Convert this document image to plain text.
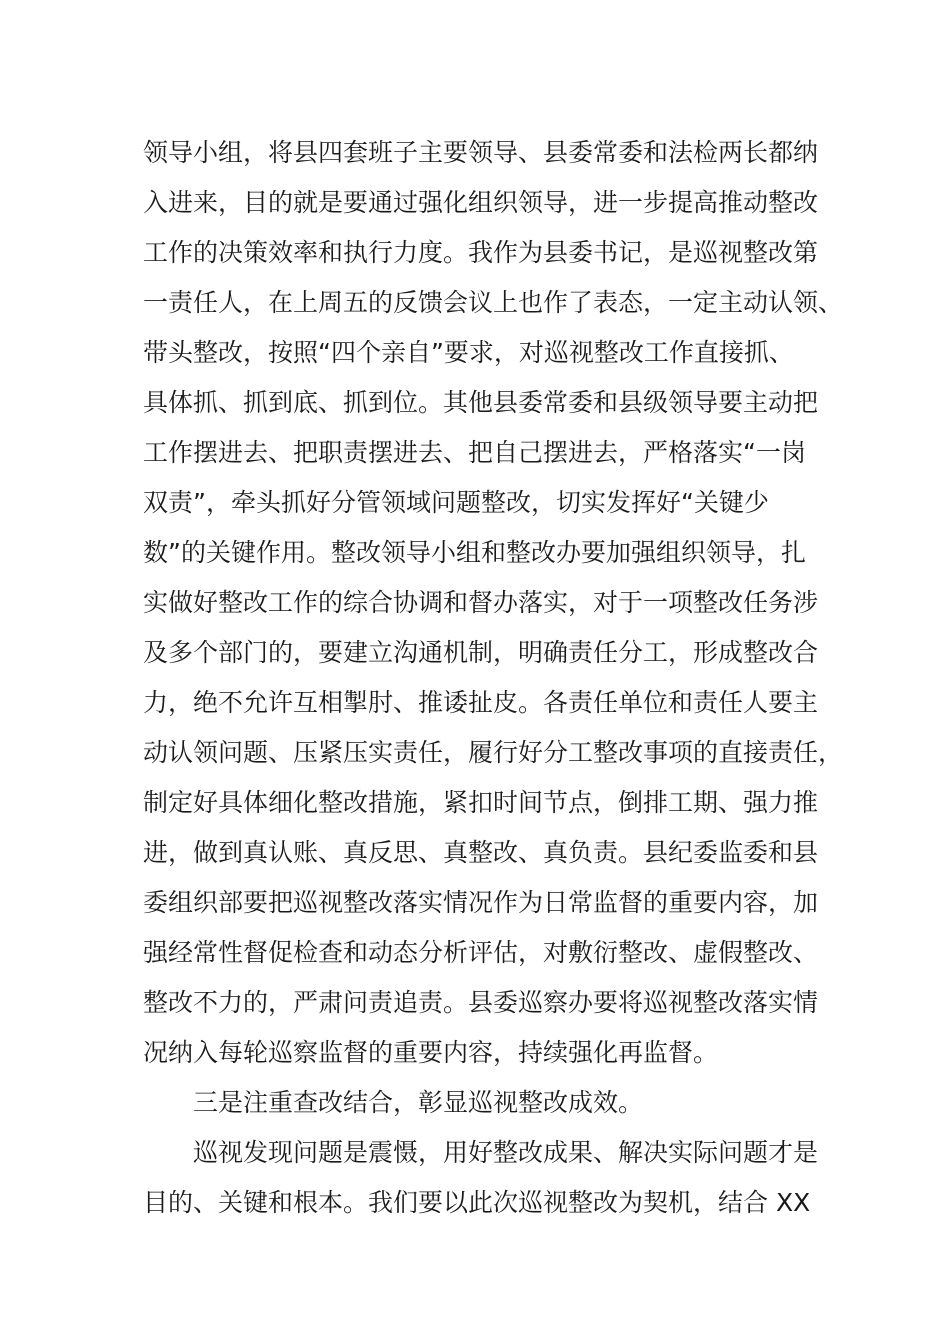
领导小组，将县四套班子主要领导、县委常委和法检两长都纳
入进来，目的就是要通过强化组织领导，进一步提高推动整改
工作的决策效率和执行力度。我作为县委书记，是巡视整改第
一责任人，在上周五的反馈会议上也作了表态，一定主动认领、
带头整改，按照“四个亲自”要求，对巡视整改工作直接抓、
具体抓、抓到底、抓到位。其他县委常委和县级领导要主动把
工作摆进去、把职责摆进去、把自己摆进去，严格落实“一岗
双责”，牵头抓好分管领域问题整改，切实发挥好“关键少
数”的关键作用。整改领导小组和整改办要加强组织领导，扎
实做好整改工作的综合协调和督办落实，对于一项整改任务涉
及多个部门的，要建立沟通机制，明确责任分工，形成整改合
力，绝不允许互相掣肘、推诿扯皮。各责任单位和责任人要主
动认领问题、压紧压实责任，履行好分工整改事项的直接责任，
制定好具体细化整改措施，紧扣时间节点，倒排工期、强力推
进，做到真认账、真反思、真整改、真负责。县纪委监委和县
委组织部要把巡视整改落实情况作为日常监督的重要内容，加
强经常性督促检查和动态分析评估，对敷衍整改、虚假整改、
整改不力的，严肃问责追责。县委巡察办要将巡视整改落实情
况纳入每轮巡察监督的重要内容，持续强化再监督。
三是注重查改结合，彰显巡视整改成效。
巡视发现问题是震慑，用好整改成果、解决实际问题才是
目的、关键和根本。我们要以此次巡视整改为契机，结合 XX
